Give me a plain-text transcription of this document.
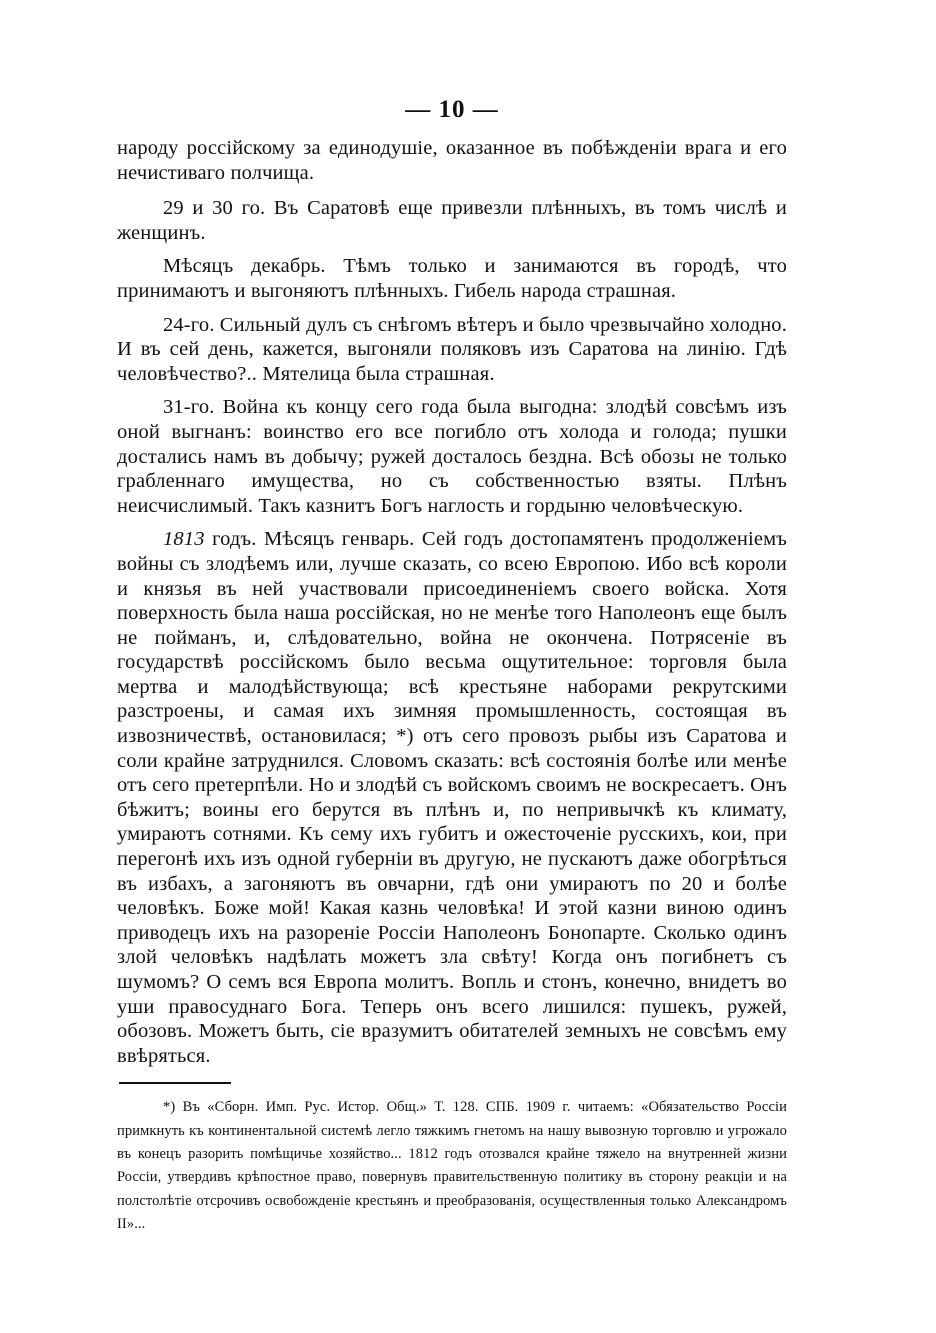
— 10 —

народу россійскому за единодушіе, оказанное въ побѣжденіи врага и его нечистиваго полчища.

29 и 30 го. Въ Саратовѣ еще привезли плѣнныхъ, въ томъ числѣ и женщинъ.

Мѣсяцъ декабрь. Тѣмъ только и занимаются въ городѣ, что принимаютъ и выгоняютъ плѣнныхъ. Гибель народа страшная.

24-го. Сильный дулъ съ снѣгомъ вѣтеръ и было чрезвычайно холодно. И въ сей день, кажется, выгоняли поляковъ изъ Саратова на линію. Гдѣ человѣчество?.. Мятелица была страшная.

31-го. Война къ концу сего года была выгодна: злодѣй совсѣмъ изъ оной выгнанъ: воинство его все погибло отъ холода и голода; пушки достались намъ въ добычу; ружей досталось бездна. Всѣ обозы не только грабленнаго имущества, но съ собственностью взяты. Плѣнъ неисчислимый. Такъ казнитъ Богъ наглость и гордыню человѣческую.

1813 годъ. Мѣсяцъ генварь. Сей годъ достопамятенъ продолженіемъ войны съ злодѣемъ или, лучше сказать, со всею Европою. Ибо всѣ короли и князья въ ней участвовали присоединеніемъ своего войска. Хотя поверхность была наша россійская, но не менѣе того Наполеонъ еще былъ не пойманъ, и, слѣдовательно, война не окончена. Потрясеніе въ государствѣ россійскомъ было весьма ощутительное: торговля была мертва и малодѣйствующа; всѣ крестьяне наборами рекрутскими разстроены, и самая ихъ зимняя промышленность, состоящая въ извозничествѣ, остановилася; *) отъ сего провозъ рыбы изъ Саратова и соли крайне затруднился. Словомъ сказать: всѣ состоянія болѣе или менѣе отъ сего претерпѣли. Но и злодѣй съ войскомъ своимъ не воскресаетъ. Онъ бѣжитъ; воины его берутся въ плѣнъ и, по непривычкѣ къ климату, умираютъ сотнями. Къ сему ихъ губитъ и ожесточеніе русскихъ, кои, при перегонѣ ихъ изъ одной губерніи въ другую, не пускаютъ даже обогрѣться въ избахъ, а загоняютъ въ овчарни, гдѣ они умираютъ по 20 и болѣе человѣкъ. Боже мой! Какая казнь человѣка! И этой казни виною одинъ приводецъ ихъ на разореніе Россіи Наполеонъ Бонопарте. Сколько одинъ злой человѣкъ надѣлать можетъ зла свѣту! Когда онъ погибнетъ съ шумомъ? О семъ вся Европа молитъ. Вопль и стонъ, конечно, внидетъ во уши правосуднаго Бога. Теперь онъ всего лишился: пушекъ, ружей, обозовъ. Можетъ быть, сіе вразумитъ обитателей земныхъ не совсѣмъ ему ввѣряться.

*) Въ «Сборн. Имп. Рус. Истор. Общ.» Т. 128. СПБ. 1909 г. читаемъ: «Обязательство Россіи примкнуть къ континентальной системѣ легло тяжкимъ гнетомъ на нашу вывозную торговлю и угрожало въ конецъ разорить помѣщичье хозяйство... 1812 годъ отозвался крайне тяжело на внутренней жизни Россіи, утвердивъ крѣпостное право, повернувъ правительственную политику въ сторону реакціи и на полстолѣтіе отсрочивъ освобожденіе крестьянъ и преобразованія, осуществленныя только Александромъ II»...
